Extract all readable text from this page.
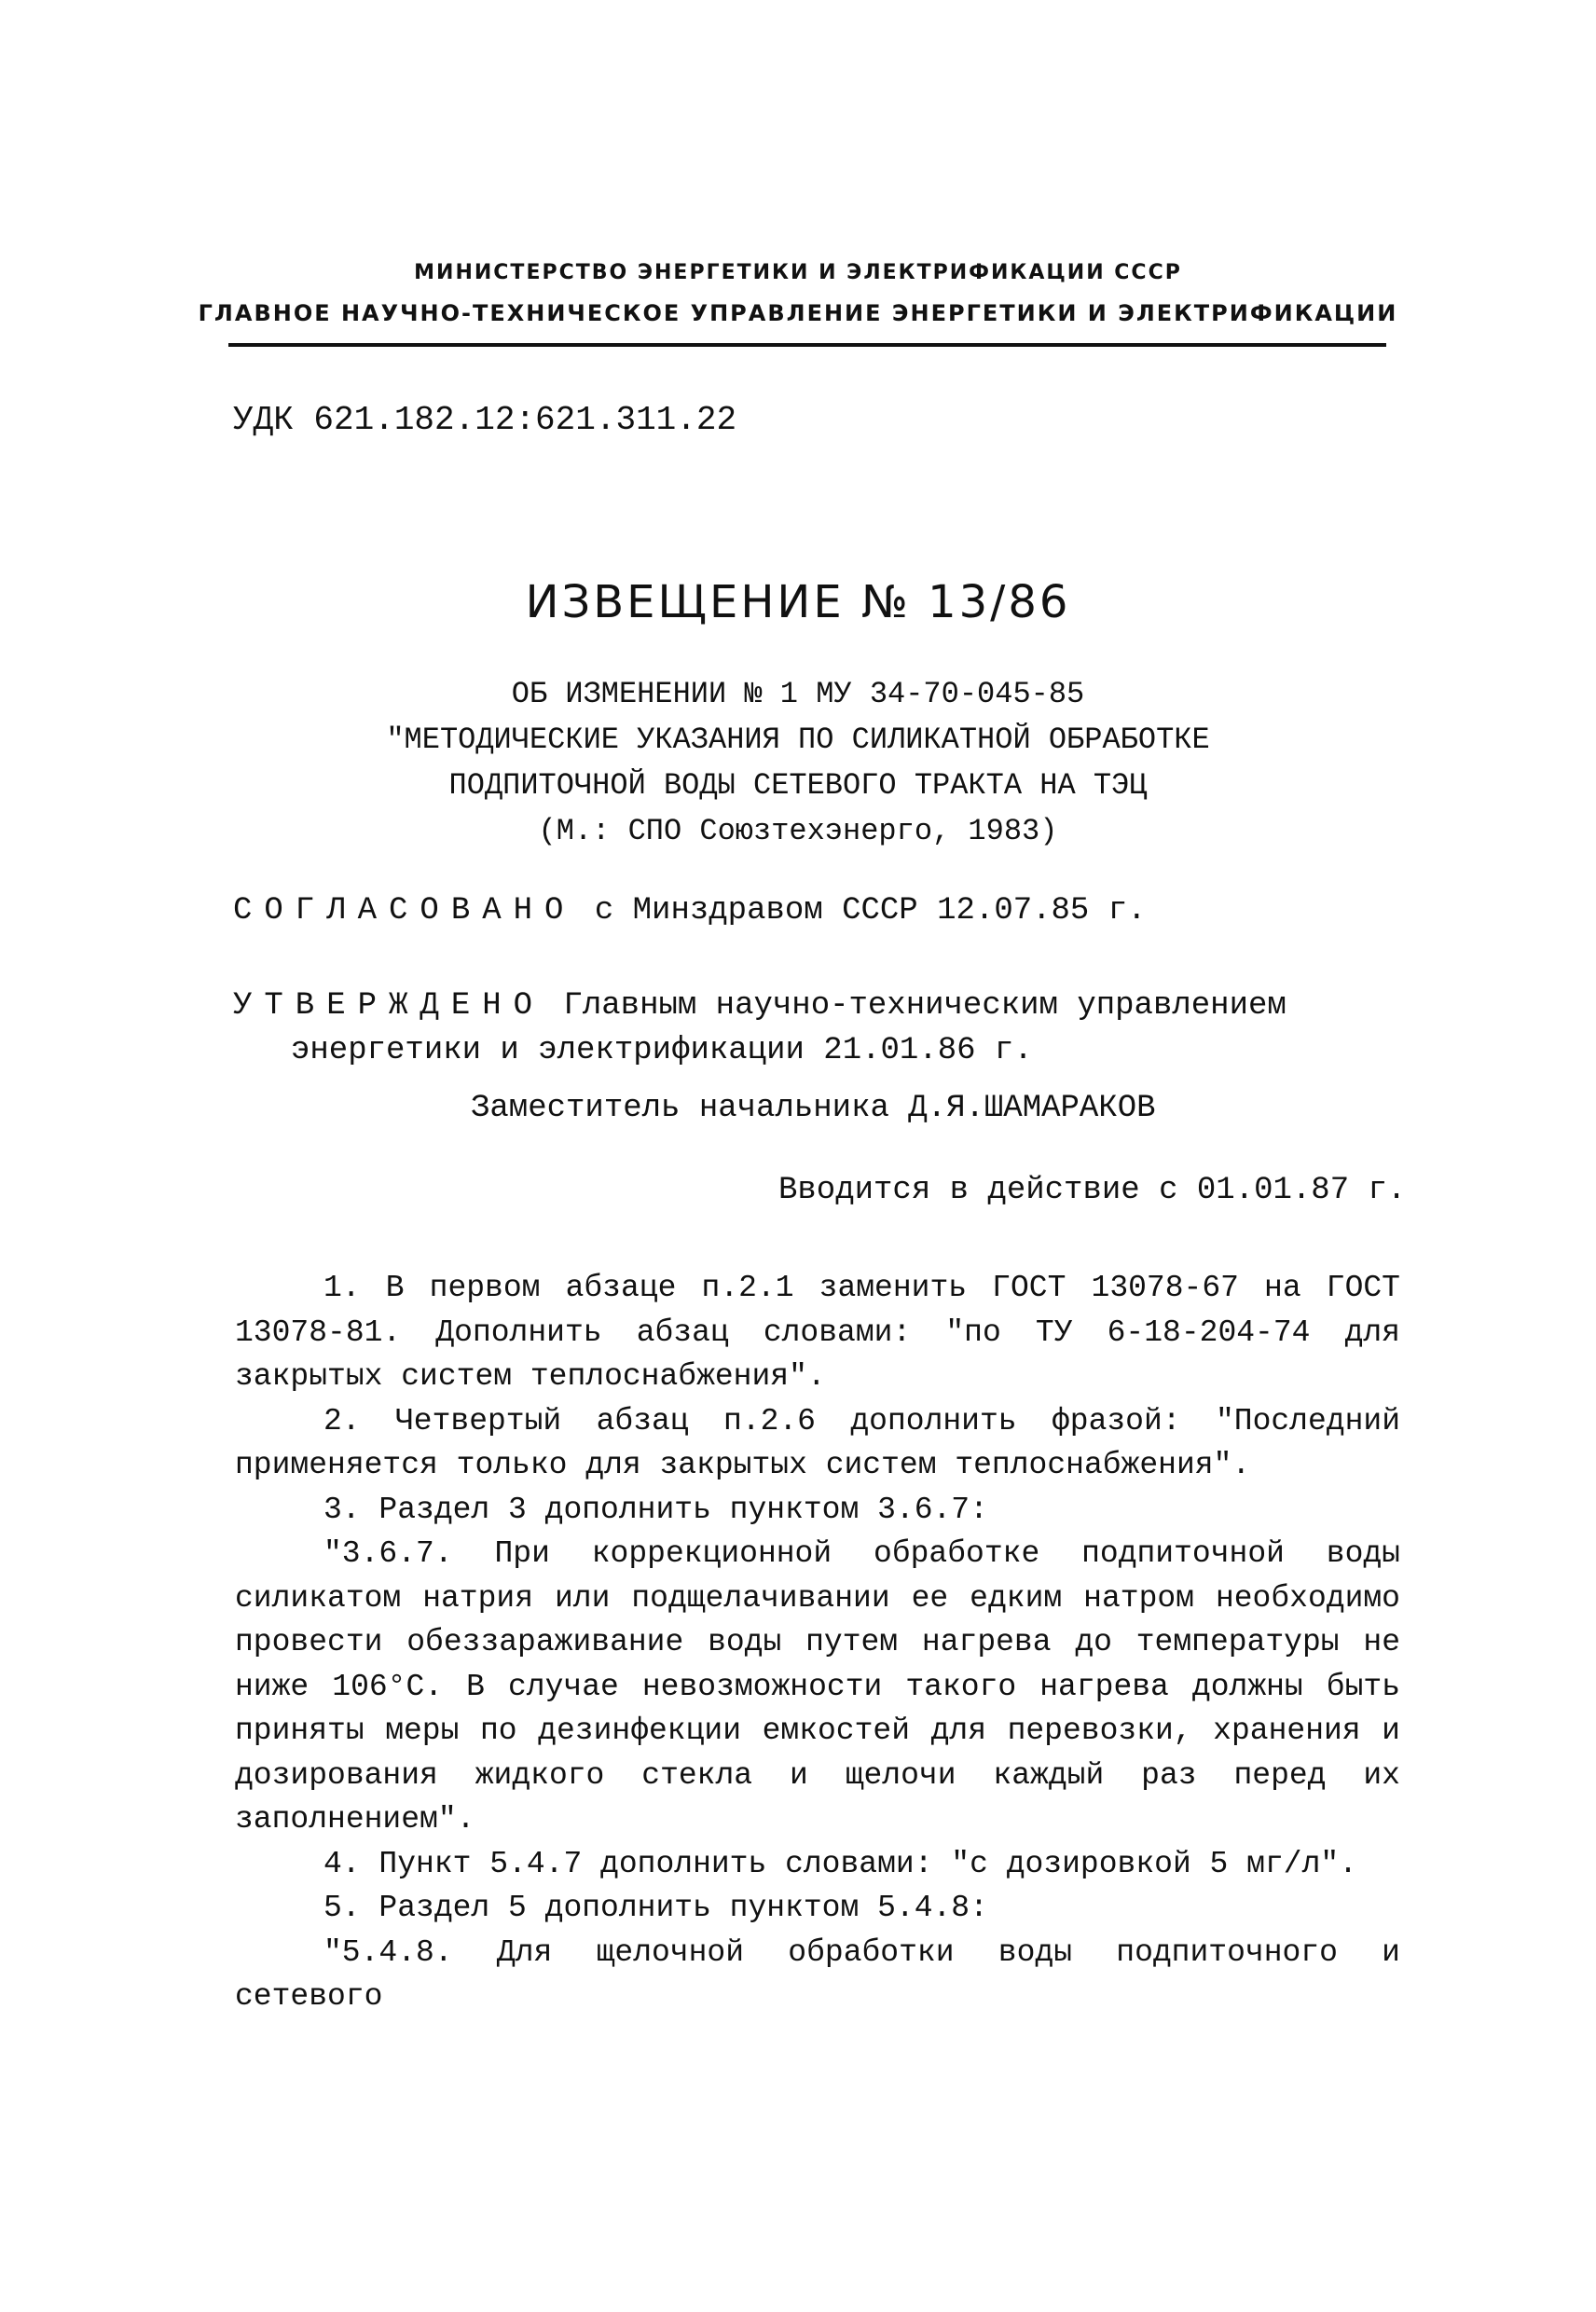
МИНИСТЕРСТВО ЭНЕРГЕТИКИ И ЭЛЕКТРИФИКАЦИИ СССР
ГЛАВНОЕ НАУЧНО-ТЕХНИЧЕСКОЕ УПРАВЛЕНИЕ ЭНЕРГЕТИКИ И ЭЛЕКТРИФИКАЦИИ
УДК 621.182.12:621.311.22
ИЗВЕЩЕНИЕ № 13/86
ОБ ИЗМЕНЕНИИ № 1 МУ 34-70-045-85
"МЕТОДИЧЕСКИЕ УКАЗАНИЯ ПО СИЛИКАТНОЙ ОБРАБОТКЕ
ПОДПИТОЧНОЙ ВОДЫ СЕТЕВОГО ТРАКТА НА ТЭЦ
(М.: СПО Союзтехэнерго, 1983)
СОГЛАСОВАНО с Минздравом СССР 12.07.85 г.
УТВЕРЖДЕНО Главным научно-техническим управлением
энергетики и электрификации 21.01.86 г.
Заместитель начальника Д.Я.ШАМАРАКОВ
Вводится в действие с 01.01.87 г.
1. В первом абзаце п.2.1 заменить ГОСТ 13078-67 на ГОСТ 13078-81. Дополнить абзац словами: "по ТУ 6-18-204-74 для закрытых систем теплоснабжения".
2. Четвертый абзац п.2.6 дополнить фразой: "Последний применяется только для закрытых систем теплоснабжения".
3. Раздел 3 дополнить пунктом 3.6.7:
"3.6.7. При коррекционной обработке подпиточной воды силикатом натрия или подщелачивании ее едким натром необходимо провести обеззараживание воды путем нагрева до температуры не ниже 106°С. В случае невозможности такого нагрева должны быть приняты меры по дезинфекции емкостей для перевозки, хранения и дозирования жидкого стекла и щелочи каждый раз перед их заполнением".
4. Пункт 5.4.7 дополнить словами: "с дозировкой 5 мг/л".
5. Раздел 5 дополнить пунктом 5.4.8:
"5.4.8. Для щелочной обработки воды подпиточного и сетевого
